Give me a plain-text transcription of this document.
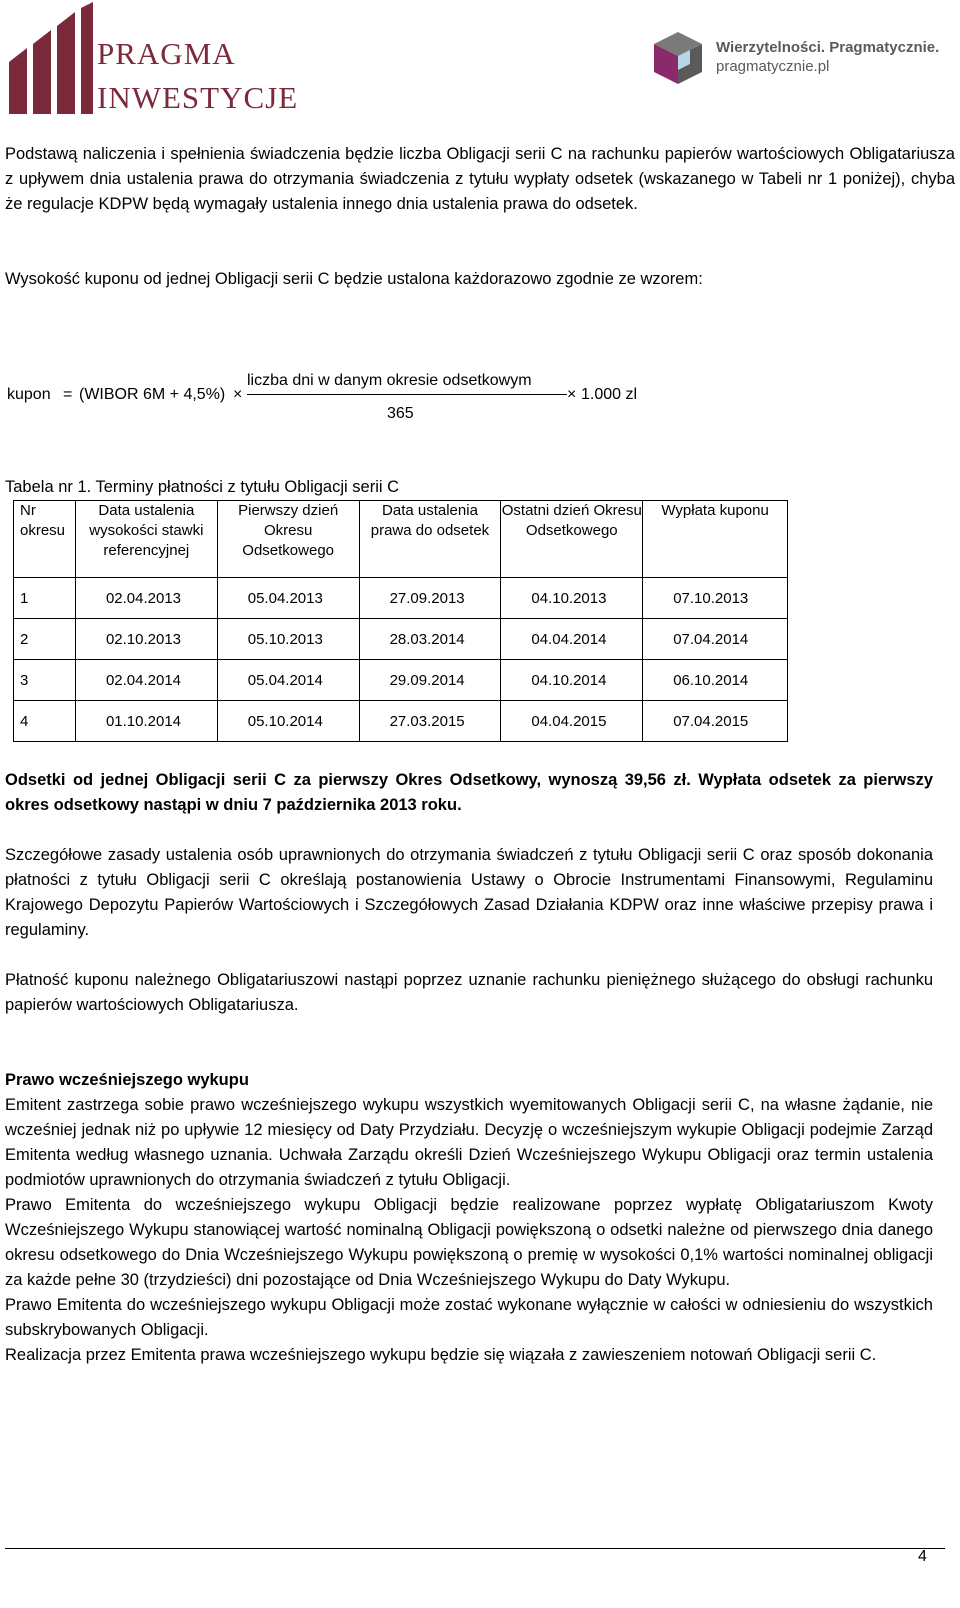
PRAGMA
INWESTYCJE
Wierzytelności. Pragmatycznie.
pragmatycznie.pl

Podstawą naliczenia i spełnienia świadczenia będzie liczba Obligacji serii C na rachunku papierów wartościowych Obligatariusza z upływem dnia ustalenia prawa do otrzymania świadczenia z tytułu wypłaty odsetek (wskazanego w Tabeli nr 1 poniżej), chyba że regulacje KDPW będą wymagały ustalenia innego dnia ustalenia prawa do odsetek.

Wysokość kuponu od jednej Obligacji serii C będzie ustalona każdorazowo zgodnie ze wzorem:

kupon = (WIBOR 6M + 4,5%) ×
liczba dni w danym okresie odsetkowym
365
× 1.000 zl
Tabela nr 1. Terminy płatności z tytułu Obligacji serii C
Nr okresu	Data ustalenia wysokości stawki referencyjnej	Pierwszy dzień Okresu Odsetkowego	Data ustalenia prawa do odsetek	Ostatni dzień Okresu Odsetkowego	Wypłata kuponu
1	02.04.2013	05.04.2013	27.09.2013	04.10.2013	07.10.2013
2	02.10.2013	05.10.2013	28.03.2014	04.04.2014	07.04.2014
3	02.04.2014	05.04.2014	29.09.2014	04.10.2014	06.10.2014
4	01.10.2014	05.10.2014	27.03.2015	04.04.2015	07.04.2015

Odsetki od jednej Obligacji serii C za pierwszy Okres Odsetkowy, wynoszą 39,56 zł. Wypłata odsetek za pierwszy okres odsetkowy nastąpi w dniu 7 października 2013 roku.

Szczegółowe zasady ustalenia osób uprawnionych do otrzymania świadczeń z tytułu Obligacji serii C oraz sposób dokonania płatności z tytułu Obligacji serii C określają postanowienia Ustawy o Obrocie Instrumentami Finansowymi, Regulaminu Krajowego Depozytu Papierów Wartościowych i Szczegółowych Zasad Działania KDPW oraz inne właściwe przepisy prawa i regulaminy.

Płatność kuponu należnego Obligatariuszowi nastąpi poprzez uznanie rachunku pieniężnego służącego do obsługi rachunku papierów wartościowych Obligatariusza.

Prawo wcześniejszego wykupu

Emitent zastrzega sobie prawo wcześniejszego wykupu wszystkich wyemitowanych Obligacji serii C, na własne żądanie, nie wcześniej jednak niż po upływie 12 miesięcy od Daty Przydziału. Decyzję o wcześniejszym wykupie Obligacji podejmie Zarząd Emitenta według własnego uznania. Uchwała Zarządu określi Dzień Wcześniejszego Wykupu Obligacji oraz termin ustalenia podmiotów uprawnionych do otrzymania świadczeń z tytułu Obligacji.

Prawo Emitenta do wcześniejszego wykupu Obligacji będzie realizowane poprzez wypłatę Obligatariuszom Kwoty Wcześniejszego Wykupu stanowiącej wartość nominalną Obligacji powiększoną o odsetki należne od pierwszego dnia danego okresu odsetkowego do Dnia Wcześniejszego Wykupu powiększoną o premię w wysokości 0,1% wartości nominalnej obligacji za każde pełne 30 (trzydzieści) dni pozostające od Dnia Wcześniejszego Wykupu do Daty Wykupu.

Prawo Emitenta do wcześniejszego wykupu Obligacji może zostać wykonane wyłącznie w całości w odniesieniu do wszystkich subskrybowanych Obligacji.

Realizacja przez Emitenta prawa wcześniejszego wykupu będzie się wiązała z zawieszeniem notowań Obligacji serii C.

4
